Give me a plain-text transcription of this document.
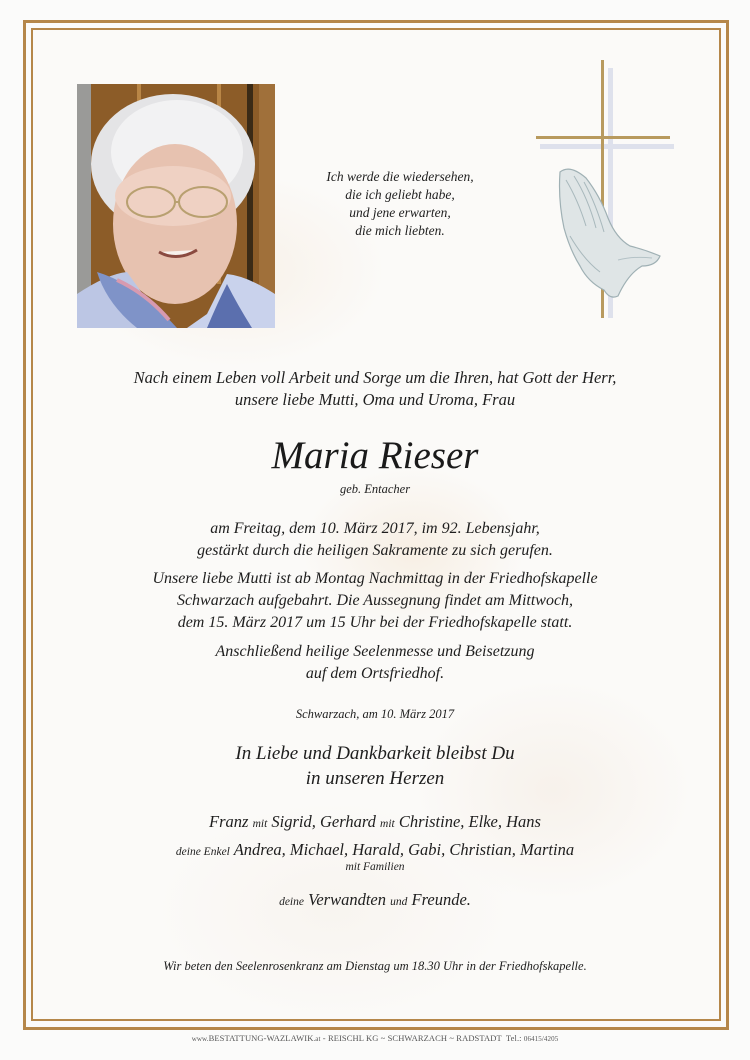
Ich werde die wiedersehen,
die ich geliebt habe,
und jene erwarten,
die mich liebten.
Nach einem Leben voll Arbeit und Sorge um die Ihren, hat Gott der Herr,
unsere liebe Mutti, Oma und Uroma, Frau
Maria Rieser
geb. Entacher
am Freitag, dem 10. März 2017, im 92. Lebensjahr,
gestärkt durch die heiligen Sakramente zu sich gerufen.
Unsere liebe Mutti ist ab Montag Nachmittag in der Friedhofskapelle
Schwarzach aufgebahrt. Die Aussegnung findet am Mittwoch,
dem 15. März 2017 um 15 Uhr bei der Friedhofskapelle statt.
Anschließend heilige Seelenmesse und Beisetzung
auf dem Ortsfriedhof.
Schwarzach, am 10. März 2017
In Liebe und Dankbarkeit bleibst Du
in unseren Herzen
Franz mit Sigrid, Gerhard mit Christine, Elke, Hans
deine Enkel Andrea, Michael, Harald, Gabi, Christian, Martina
mit Familien
deine Verwandten und Freunde.
Wir beten den Seelenrosenkranz am Dienstag um 18.30 Uhr in der Friedhofskapelle.
www.BESTATTUNG-WAZLAWIK.at - REISCHL KG ~ SCHWARZACH ~ RADSTADT  Tel.: 06415/4205
